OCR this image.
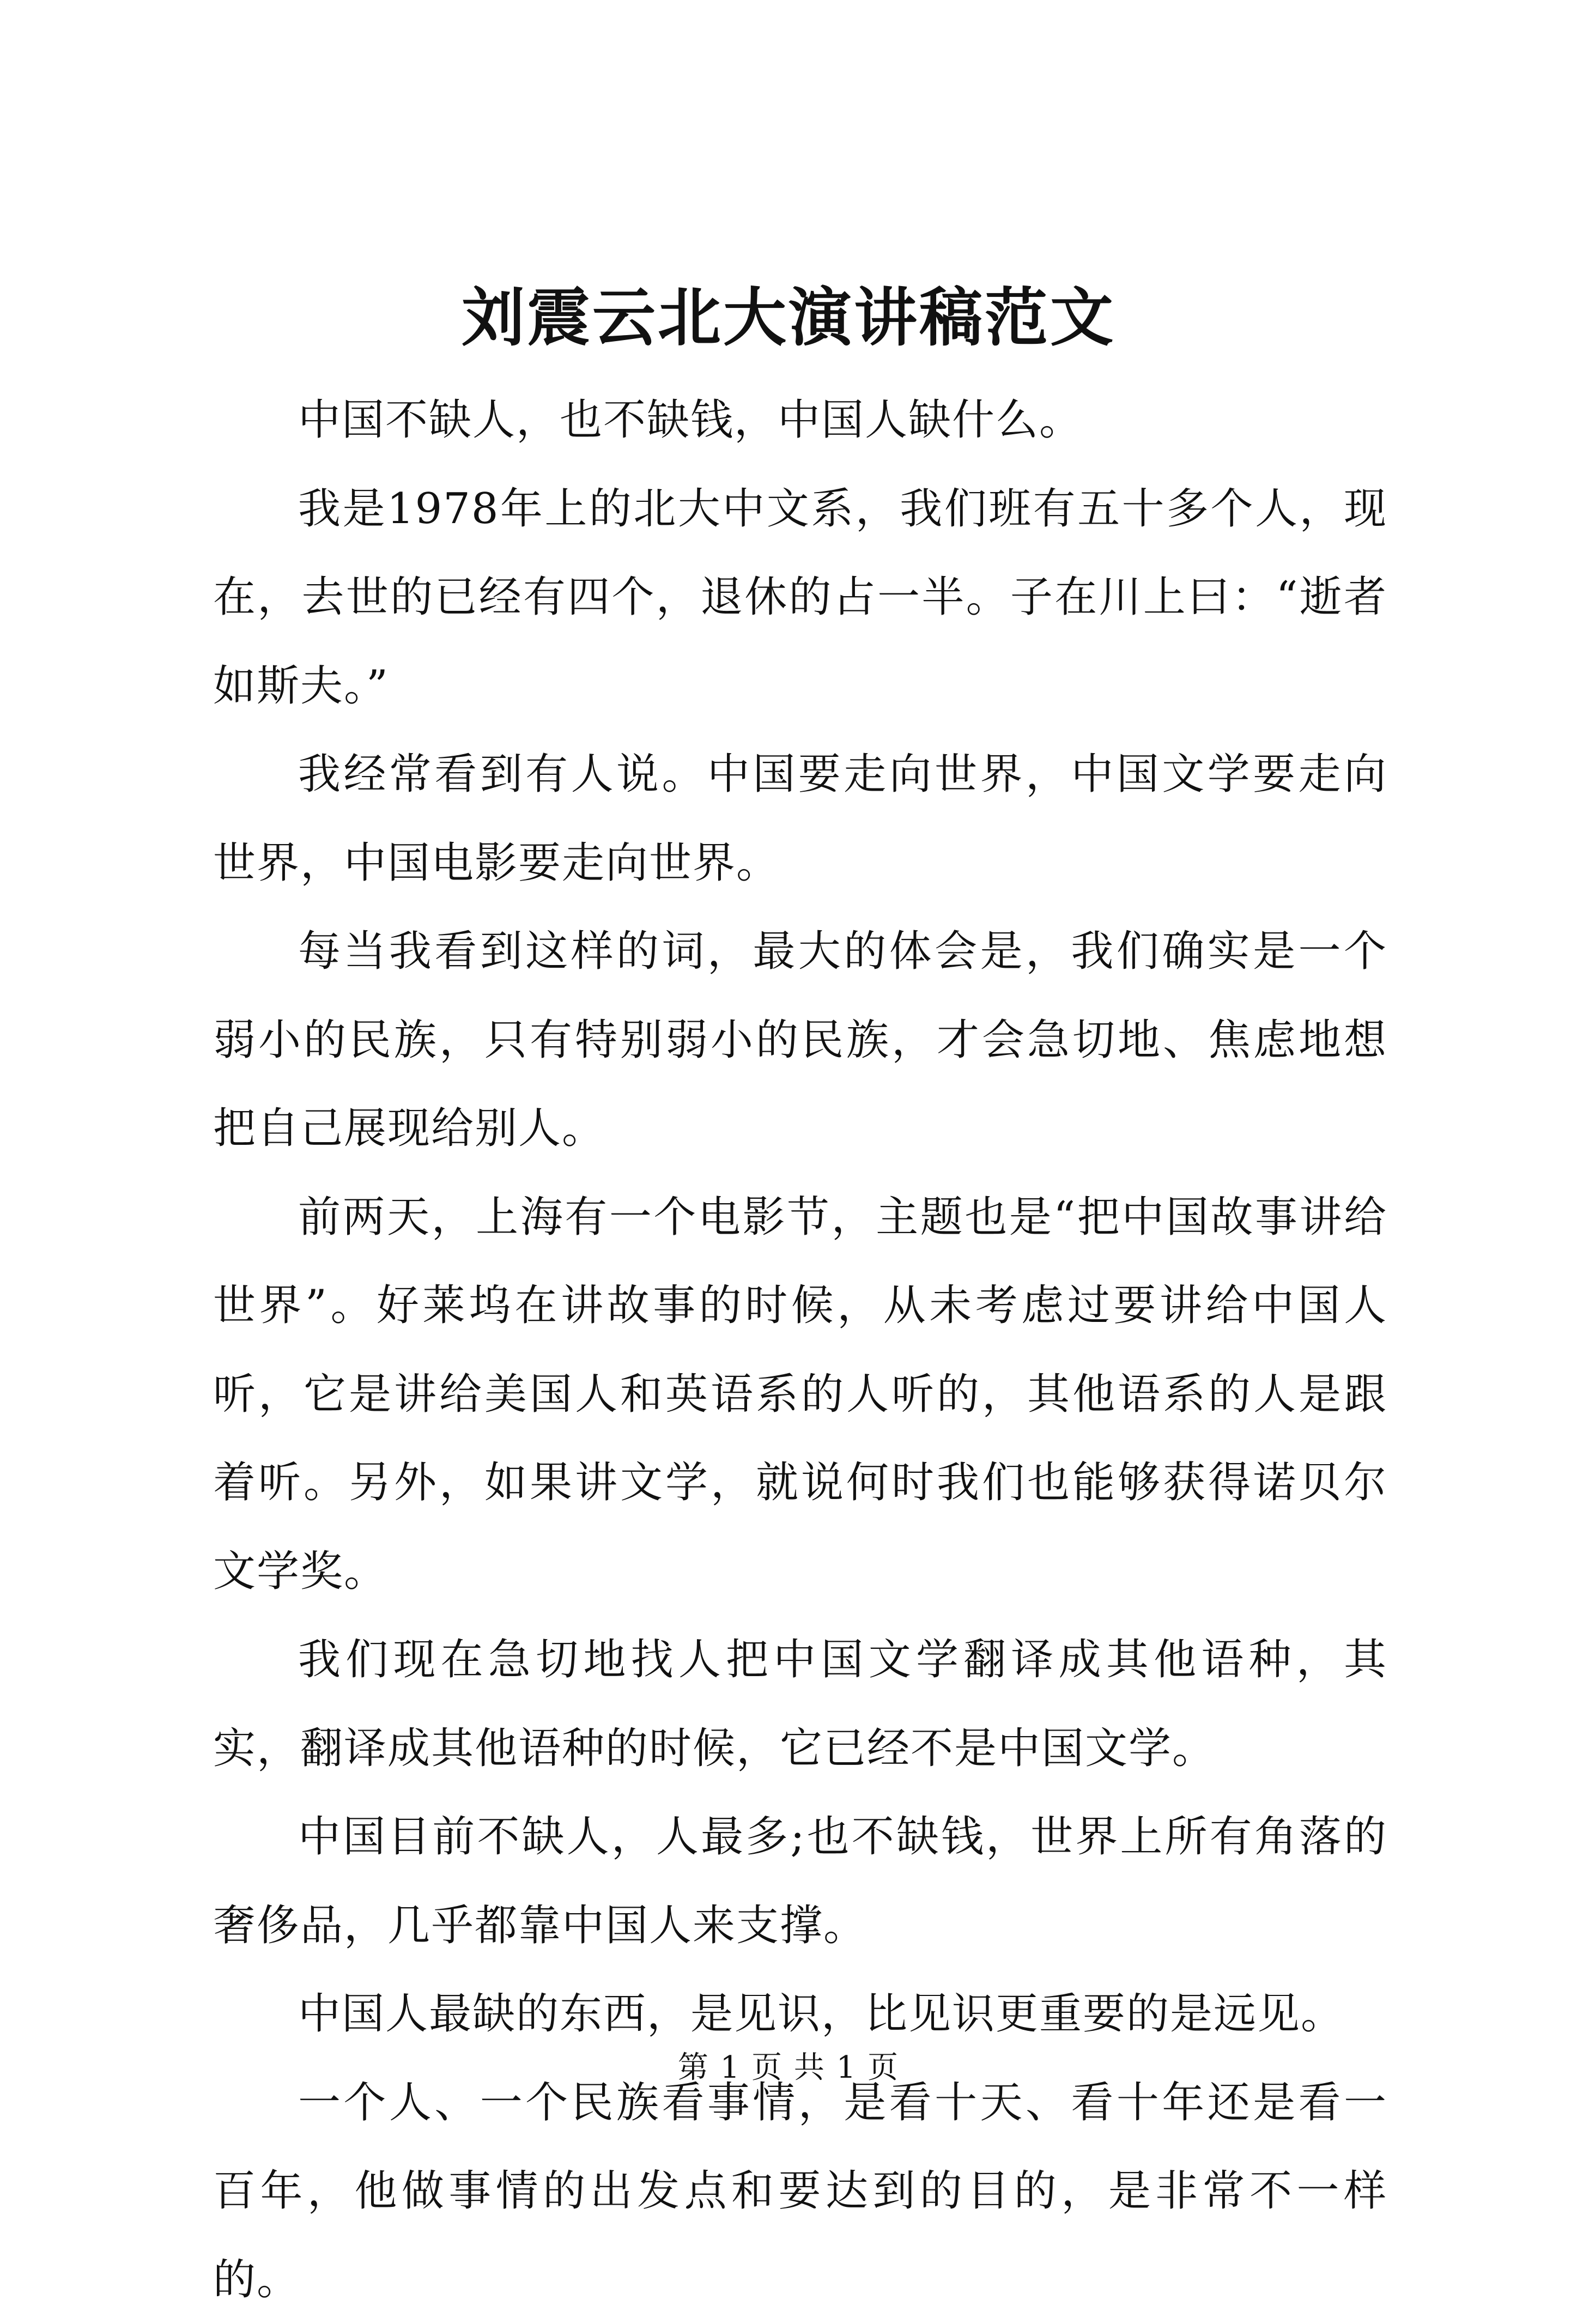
刘震云北大演讲稿范文

中国不缺人，也不缺钱，中国人缺什么。

我是1978年上的北大中文系，我们班有五十多个人，现在，去世的已经有四个，退休的占一半。子在川上曰：“逝者如斯夫。”

我经常看到有人说。中国要走向世界，中国文学要走向世界，中国电影要走向世界。

每当我看到这样的词，最大的体会是，我们确实是一个弱小的民族，只有特别弱小的民族，才会急切地、焦虑地想把自己展现给别人。

前两天，上海有一个电影节，主题也是“把中国故事讲给世界”。好莱坞在讲故事的时候，从未考虑过要讲给中国人听，它是讲给美国人和英语系的人听的，其他语系的人是跟着听。另外，如果讲文学，就说何时我们也能够获得诺贝尔文学奖。

我们现在急切地找人把中国文学翻译成其他语种，其实，翻译成其他语种的时候，它已经不是中国文学。

中国目前不缺人，人最多;也不缺钱，世界上所有角落的奢侈品，几乎都靠中国人来支撑。

中国人最缺的东西，是见识，比见识更重要的是远见。

一个人、一个民族看事情，是看十天、看十年还是看一百年，他做事情的出发点和要达到的目的，是非常不一样的。

第 1 页 共 1 页
